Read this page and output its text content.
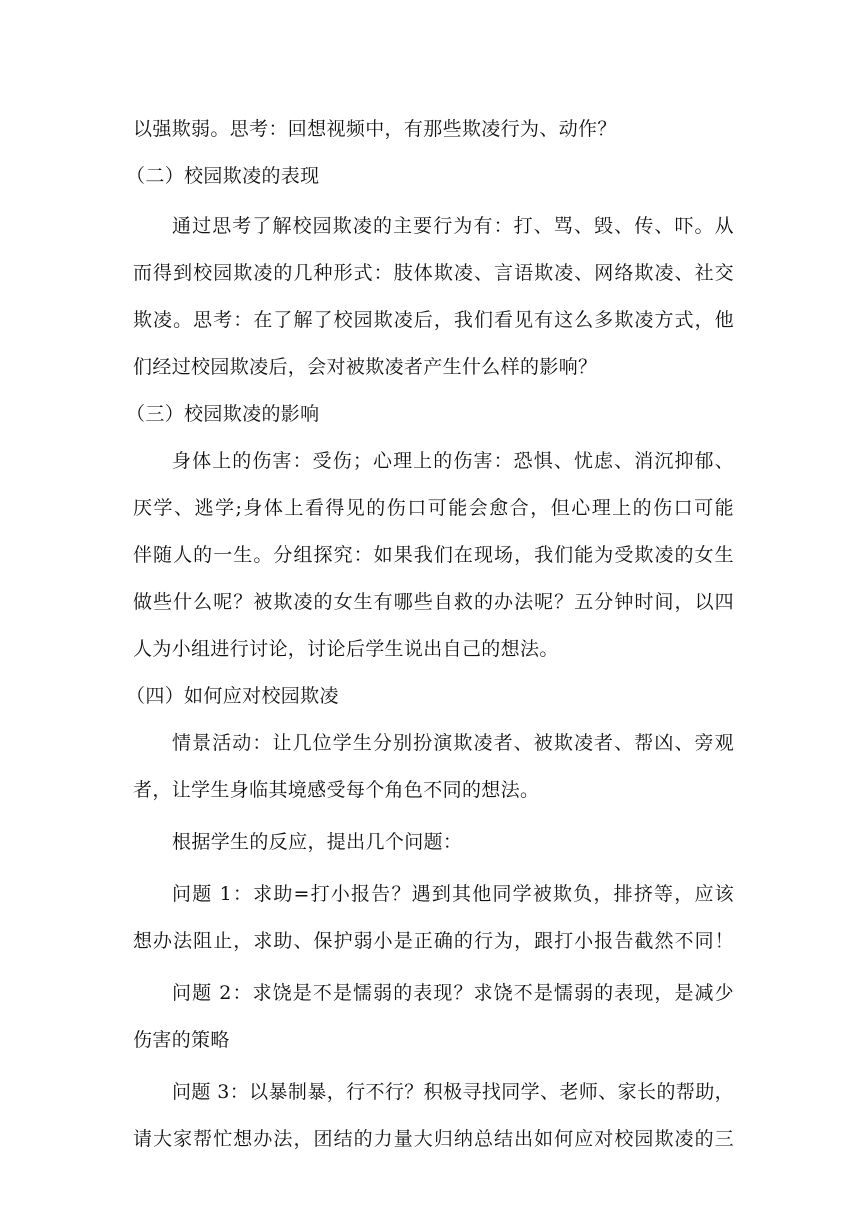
以强欺弱。思考：回想视频中，有那些欺凌行为、动作？
（二）校园欺凌的表现
通过思考了解校园欺凌的主要行为有：打、骂、毁、传、吓。从
而得到校园欺凌的几种形式：肢体欺凌、言语欺凌、网络欺凌、社交
欺凌。思考：在了解了校园欺凌后，我们看见有这么多欺凌方式，他
们经过校园欺凌后，会对被欺凌者产生什么样的影响？
（三）校园欺凌的影响
身体上的伤害：受伤；心理上的伤害：恐惧、忧虑、消沉抑郁、
厌学、逃学;身体上看得见的伤口可能会愈合，但心理上的伤口可能
伴随人的一生。分组探究：如果我们在现场，我们能为受欺凌的女生
做些什么呢？被欺凌的女生有哪些自救的办法呢？五分钟时间，以四
人为小组进行讨论，讨论后学生说出自己的想法。
（四）如何应对校园欺凌
情景活动：让几位学生分别扮演欺凌者、被欺凌者、帮凶、旁观
者，让学生身临其境感受每个角色不同的想法。
根据学生的反应，提出几个问题：
问题 1：求助=打小报告？遇到其他同学被欺负，排挤等，应该
想办法阻止，求助、保护弱小是正确的行为，跟打小报告截然不同！
问题 2：求饶是不是懦弱的表现？求饶不是懦弱的表现，是减少
伤害的策略
问题 3：以暴制暴，行不行？积极寻找同学、老师、家长的帮助，
请大家帮忙想办法，团结的力量大归纳总结出如何应对校园欺凌的三
